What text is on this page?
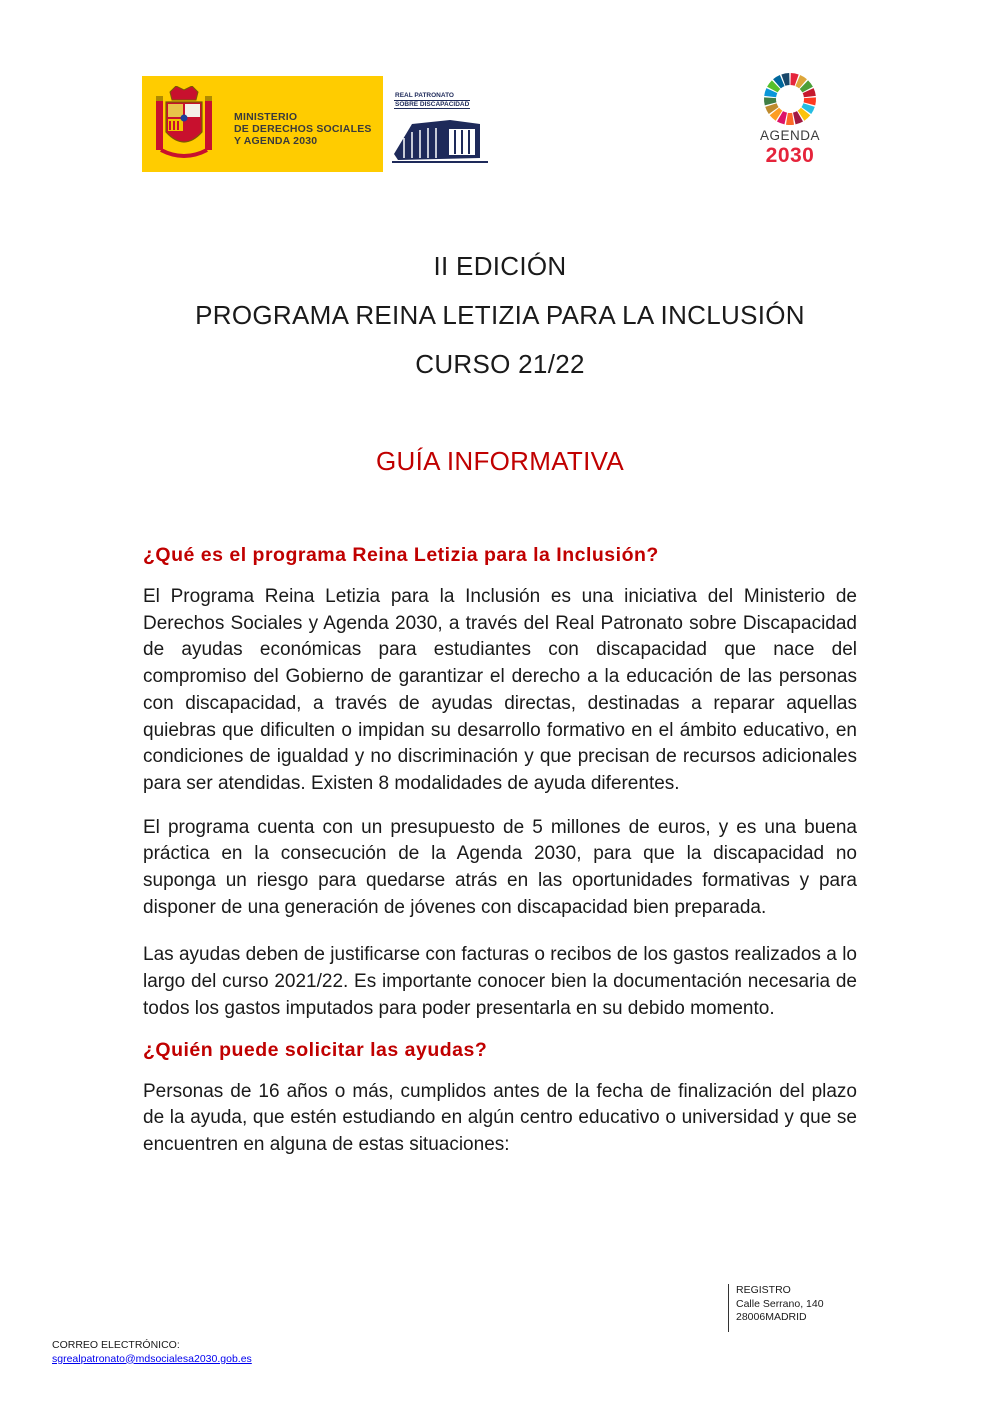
MINISTERIO
DE DERECHOS SOCIALES
Y AGENDA 2030
REAL PATRONATO
SOBRE DISCAPACIDAD
AGENDA
2030
II EDICIÓN
PROGRAMA REINA LETIZIA PARA LA INCLUSIÓN
CURSO 21/22
GUÍA INFORMATIVA
¿Qué es el programa Reina Letizia para la Inclusión?

El Programa Reina Letizia para la Inclusión es una iniciativa del Ministerio de Derechos Sociales y Agenda 2030, a través del Real Patronato sobre Discapacidad de ayudas económicas para estudiantes con discapacidad que nace del compromiso del Gobierno de garantizar el derecho a la educación de las personas con discapacidad, a través de ayudas directas, destinadas a reparar aquellas quiebras que dificulten o impidan su desarrollo formativo en el ámbito educativo, en condiciones de igualdad y no discriminación y que precisan de recursos adicionales para ser atendidas. Existen 8 modalidades de ayuda diferentes.

El programa cuenta con un presupuesto de 5 millones de euros, y es una buena práctica en la consecución de la Agenda 2030, para que la discapacidad no suponga un riesgo para quedarse atrás en las oportunidades formativas y para disponer de una generación de jóvenes con discapacidad bien preparada.

Las ayudas deben de justificarse con facturas o recibos de los gastos realizados a lo largo del curso 2021/22. Es importante conocer bien la documentación necesaria de todos los gastos imputados para poder presentarla en su debido momento.

¿Quién puede solicitar las ayudas?

Personas de 16 años o más, cumplidos antes de la fecha de finalización del plazo de la ayuda, que estén estudiando en algún centro educativo o universidad y que se encuentren en alguna de estas situaciones:

REGISTRO
Calle Serrano, 140
28006MADRID
CORREO ELECTRÓNICO:
sgrealpatronato@mdsocialesa2030.gob.es
